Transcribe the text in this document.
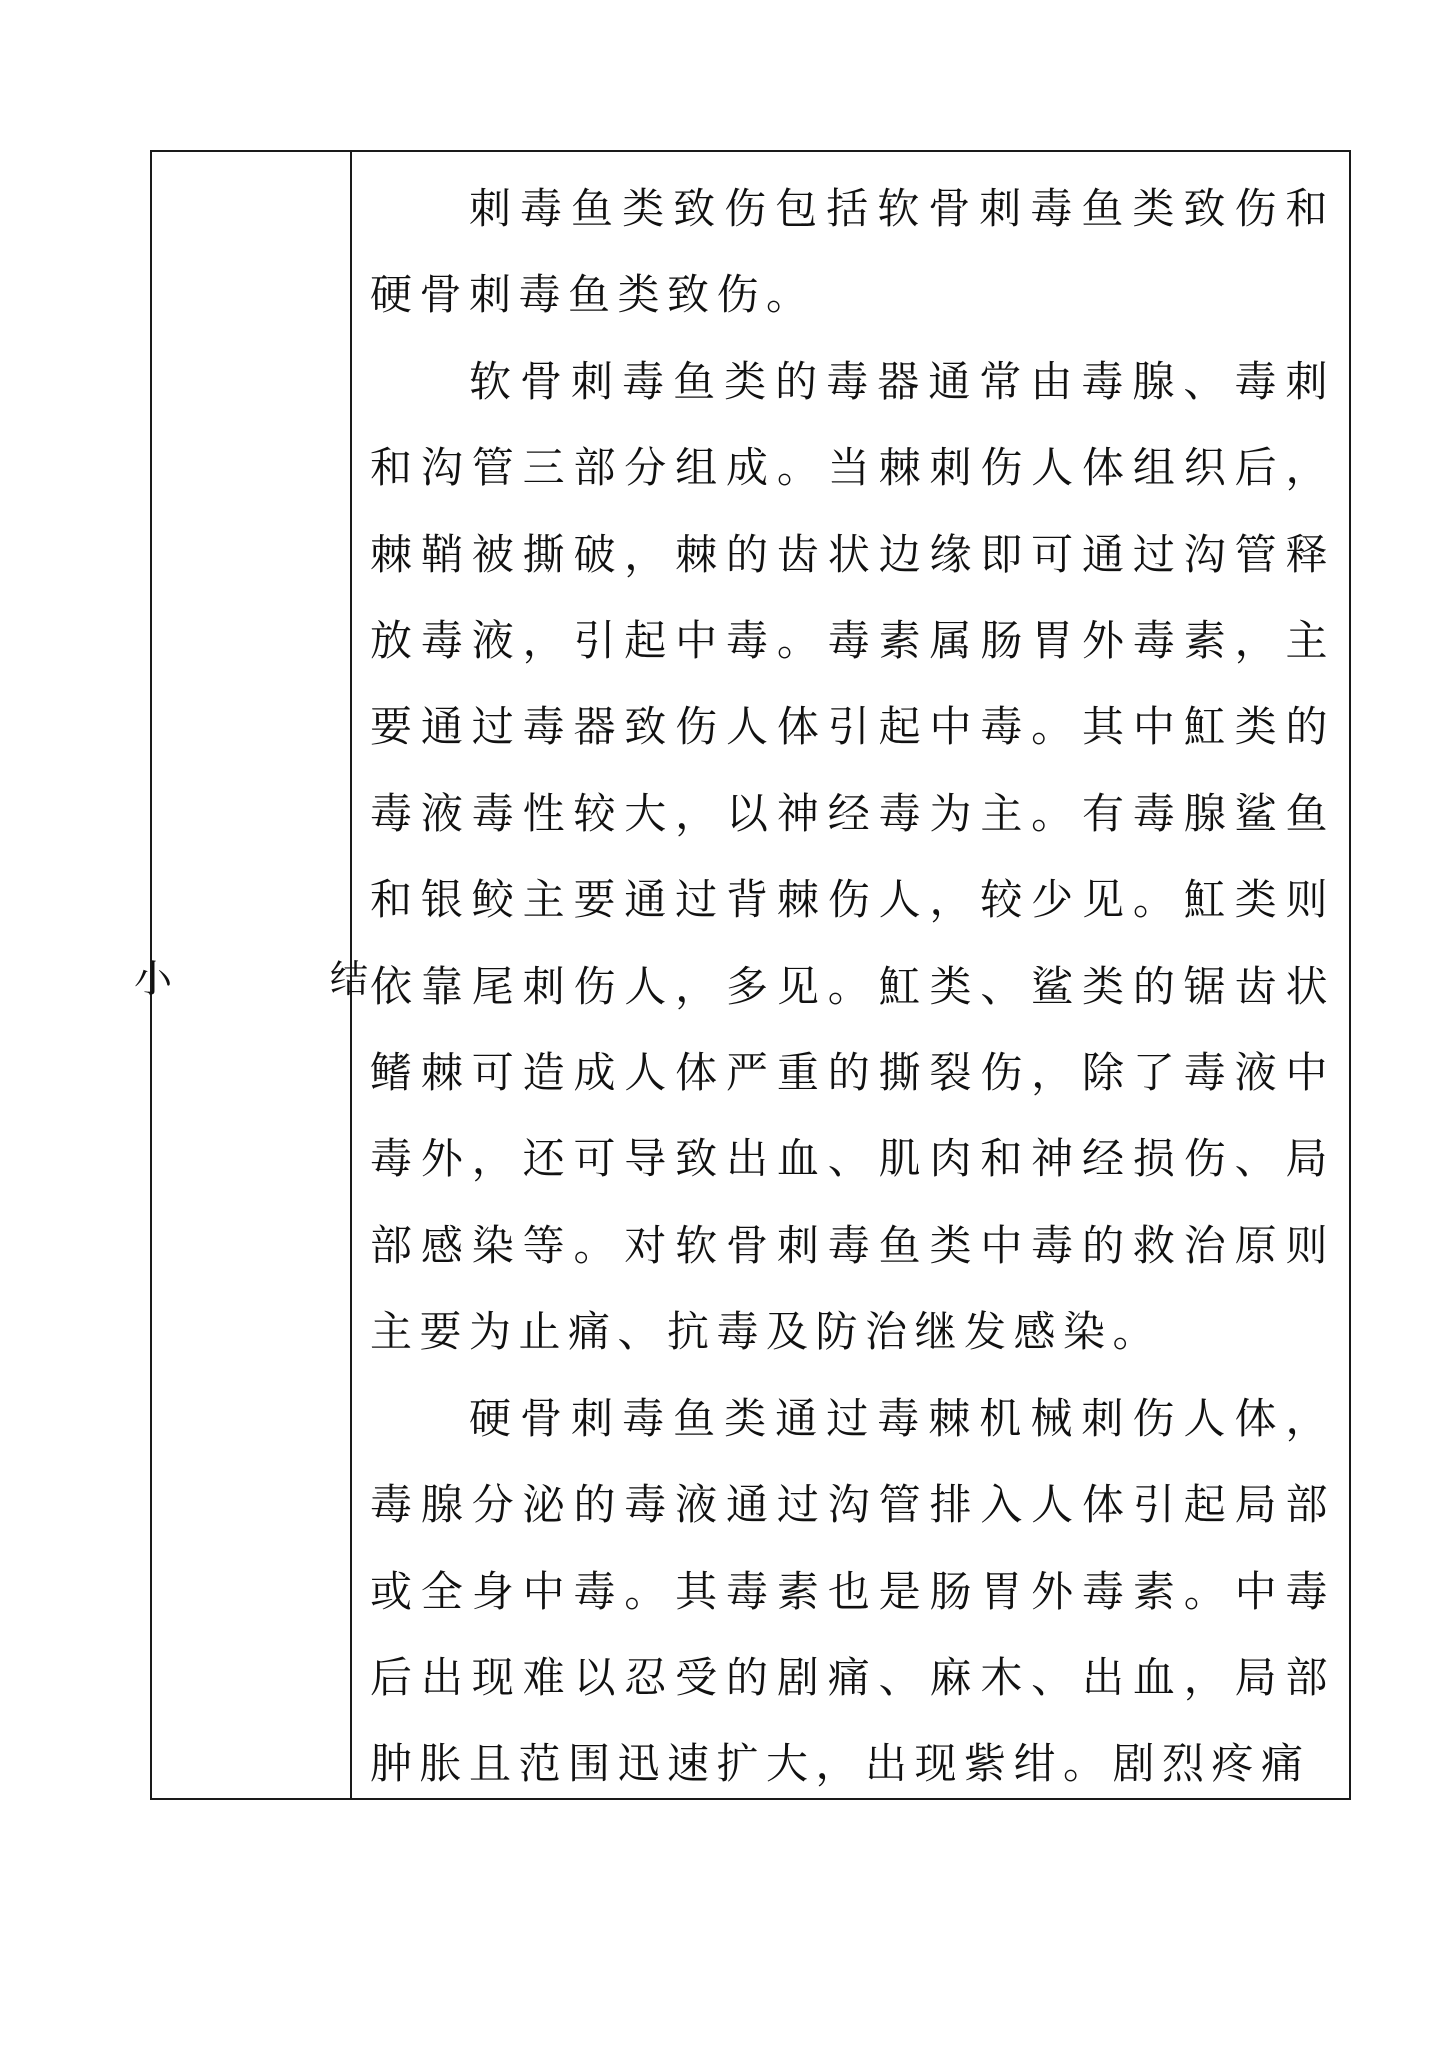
小　结

刺毒鱼类致伤包括软骨刺毒鱼类致伤和硬骨刺毒鱼类致伤。

软骨刺毒鱼类的毒器通常由毒腺、毒刺和沟管三部分组成。当棘刺伤人体组织后，棘鞘被撕破，棘的齿状边缘即可通过沟管释放毒液，引起中毒。毒素属肠胃外毒素，主要通过毒器致伤人体引起中毒。其中魟类的毒液毒性较大，以神经毒为主。有毒腺鲨鱼和银鲛主要通过背棘伤人，较少见。魟类则依靠尾刺伤人，多见。魟类、鲨类的锯齿状鳍棘可造成人体严重的撕裂伤，除了毒液中毒外，还可导致出血、肌肉和神经损伤、局部感染等。对软骨刺毒鱼类中毒的救治原则主要为止痛、抗毒及防治继发感染。

硬骨刺毒鱼类通过毒棘机械刺伤人体，毒腺分泌的毒液通过沟管排入人体引起局部或全身中毒。其毒素也是肠胃外毒素。中毒后出现难以忍受的剧痛、麻木、出血，局部肿胀且范围迅速扩大，出现紫绀。剧烈疼痛
